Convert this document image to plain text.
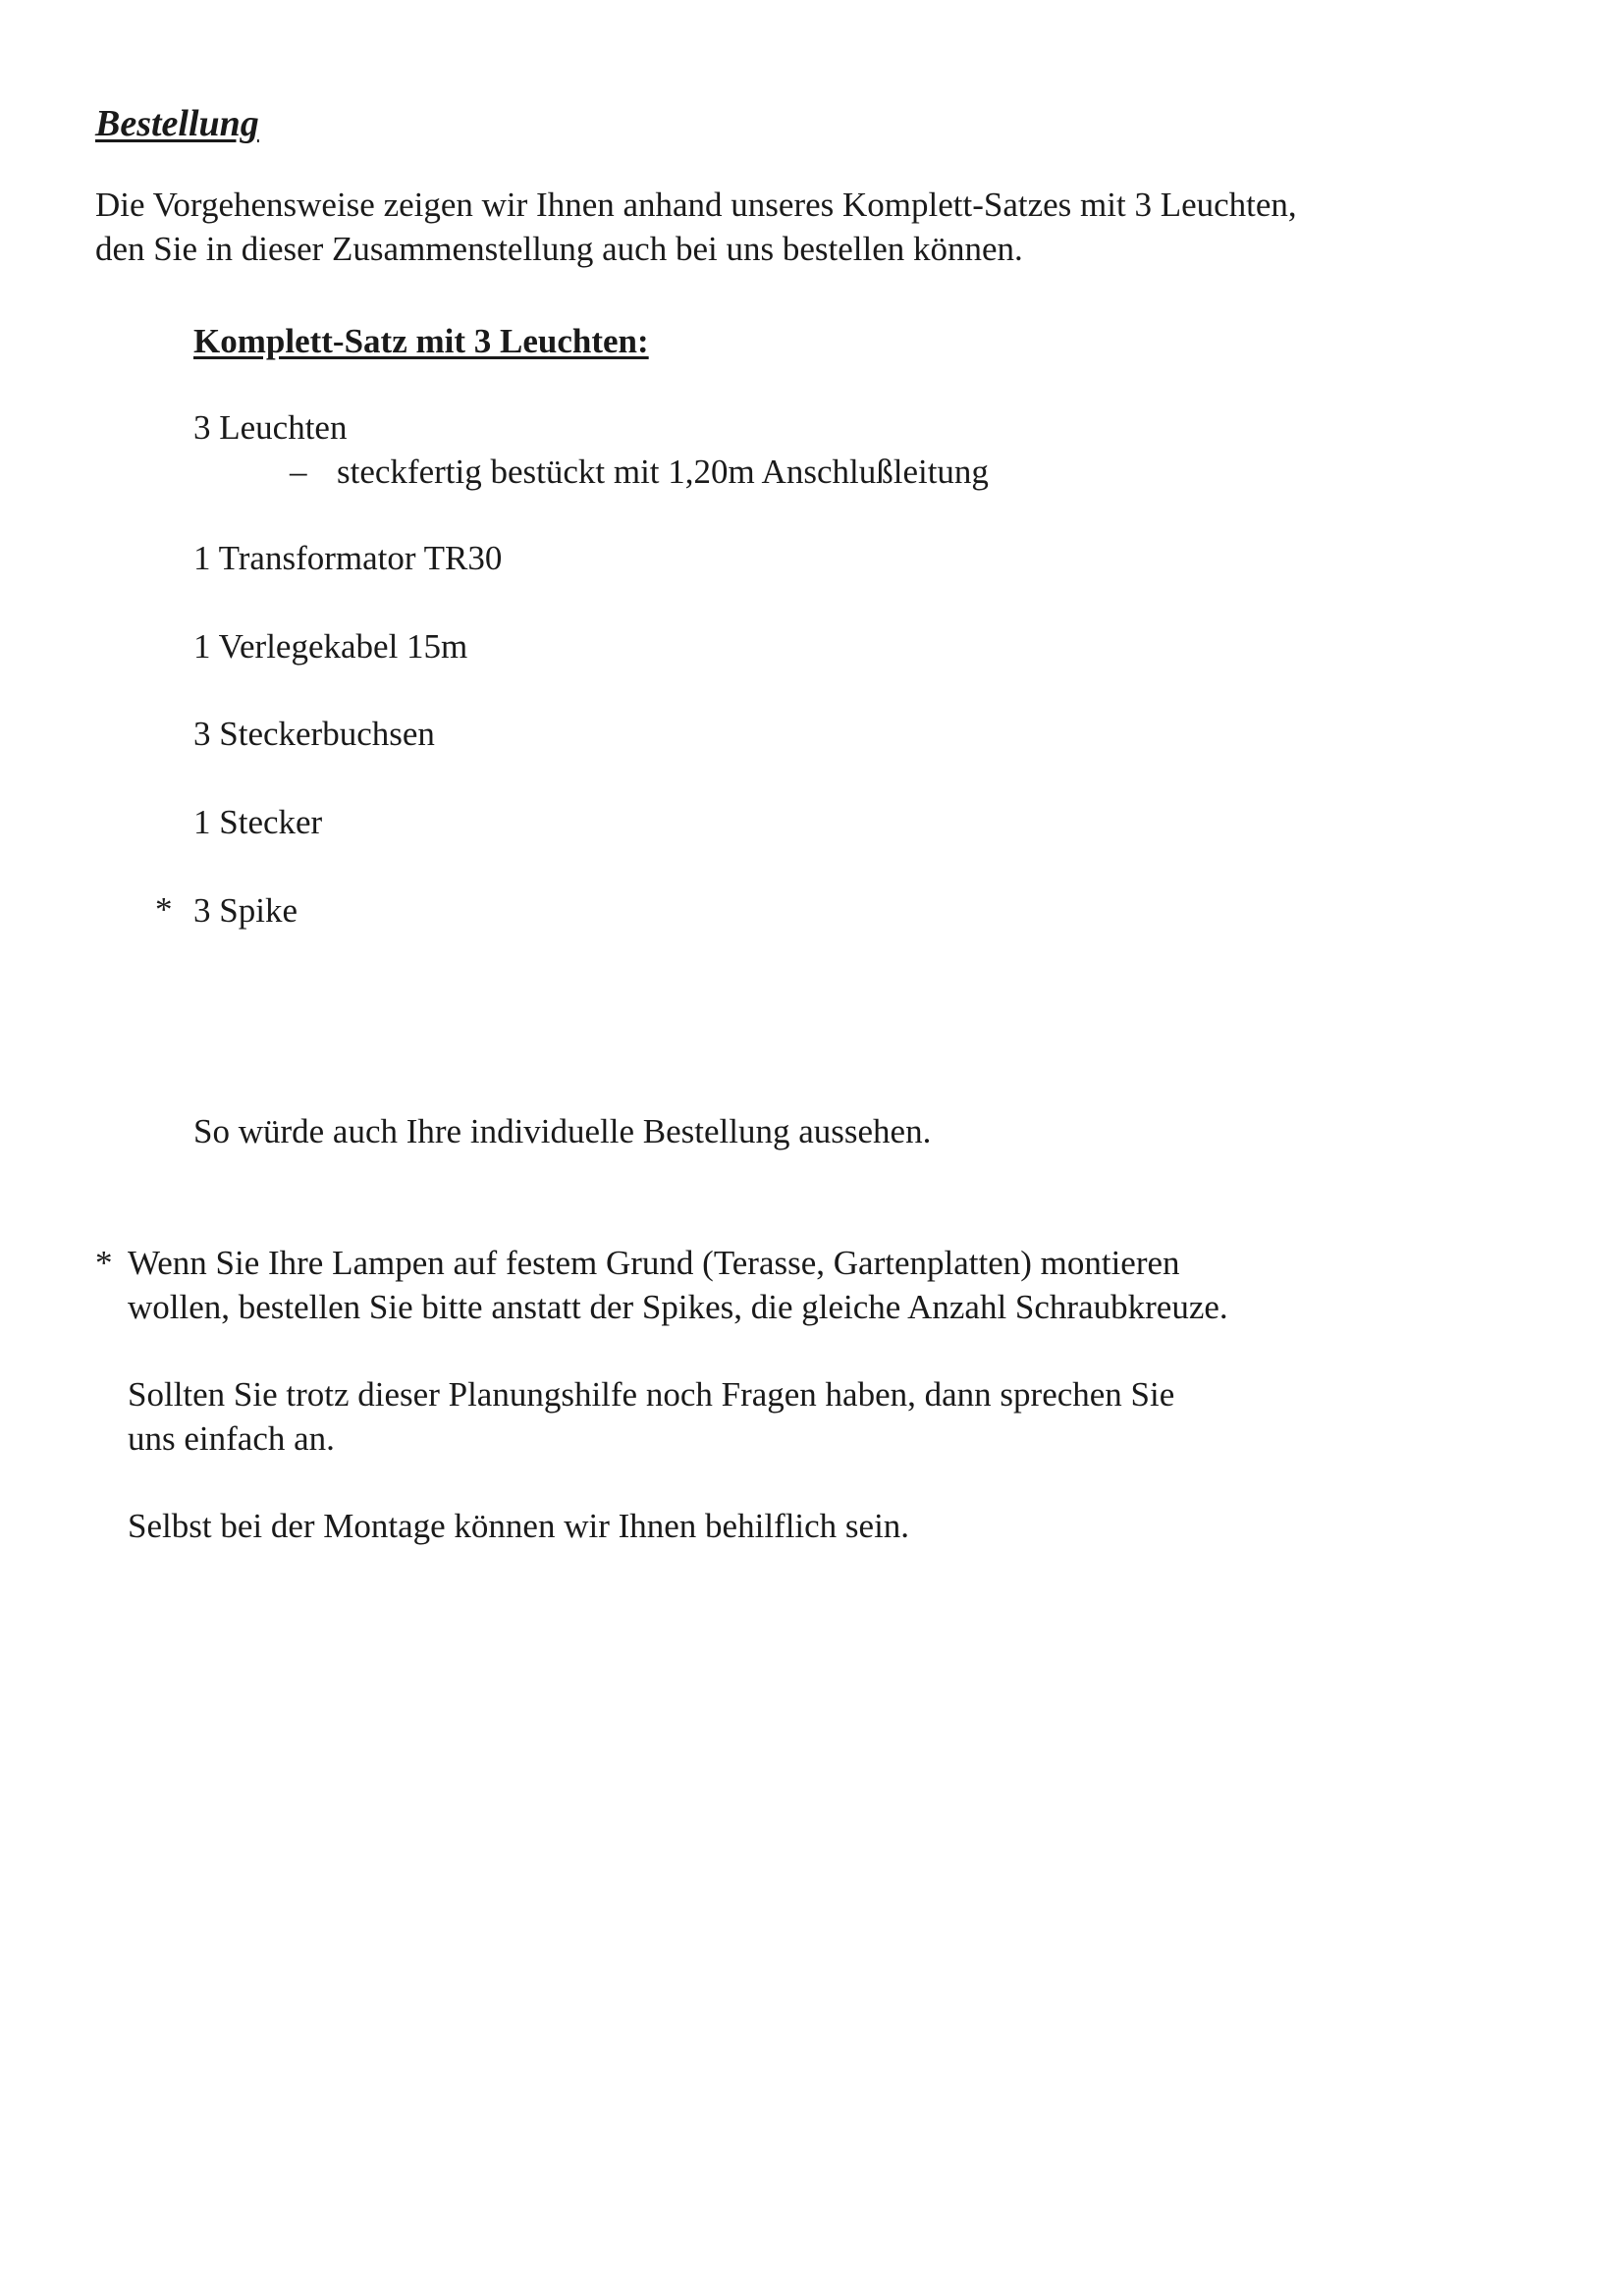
Bestellung
Die Vorgehensweise zeigen wir Ihnen anhand unseres Komplett-Satzes mit 3 Leuchten,
den Sie in dieser Zusammenstellung auch bei uns bestellen können.
Komplett-Satz mit 3 Leuchten:
3 Leuchten
– steckfertig bestückt mit 1,20m Anschlußleitung
1 Transformator TR30
1 Verlegekabel 15m
3 Steckerbuchsen
1 Stecker
* 3 Spike
So würde auch Ihre individuelle Bestellung aussehen.
* Wenn Sie Ihre Lampen auf festem Grund (Terasse, Gartenplatten) montieren
wollen, bestellen Sie bitte anstatt der Spikes, die gleiche Anzahl Schraubkreuze.
Sollten Sie trotz dieser Planungshilfe noch Fragen haben, dann sprechen Sie
uns einfach an.
Selbst bei der Montage können wir Ihnen behilflich sein.
